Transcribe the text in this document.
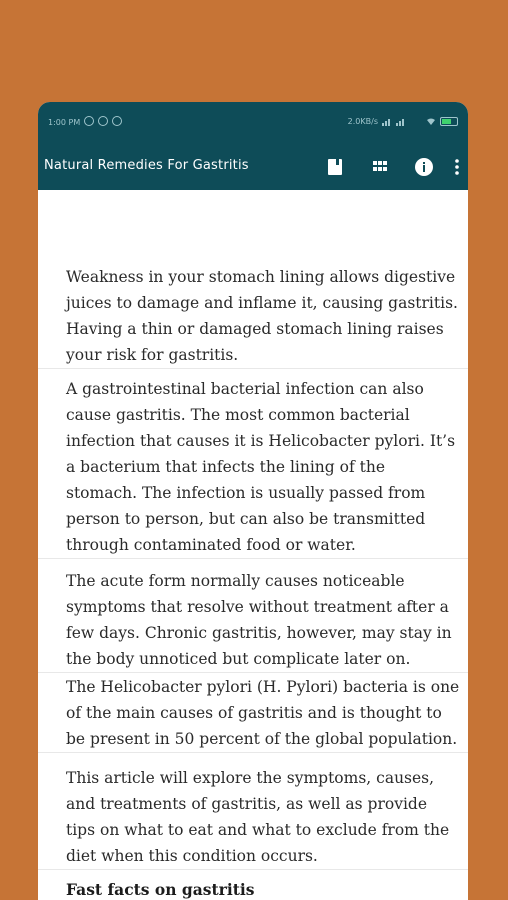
1:00 PM	2.0KB/s
Natural Remedies For Gastritis

Weakness in your stomach lining allows digestive juices to damage and inflame it, causing gastritis. Having a thin or damaged stomach lining raises your risk for gastritis.

A gastrointestinal bacterial infection can also cause gastritis. The most common bacterial infection that causes it is Helicobacter pylori. It’s a bacterium that infects the lining of the stomach. The infection is usually passed from person to person, but can also be transmitted through contaminated food or water.

The acute form normally causes noticeable symptoms that resolve without treatment after a few days. Chronic gastritis, however, may stay in the body unnoticed but complicate later on.

The Helicobacter pylori (H. Pylori) bacteria is one of the main causes of gastritis and is thought to be present in 50 percent of the global population.

This article will explore the symptoms, causes, and treatments of gastritis, as well as provide tips on what to eat and what to exclude from the diet when this condition occurs.

Fast facts on gastritis
